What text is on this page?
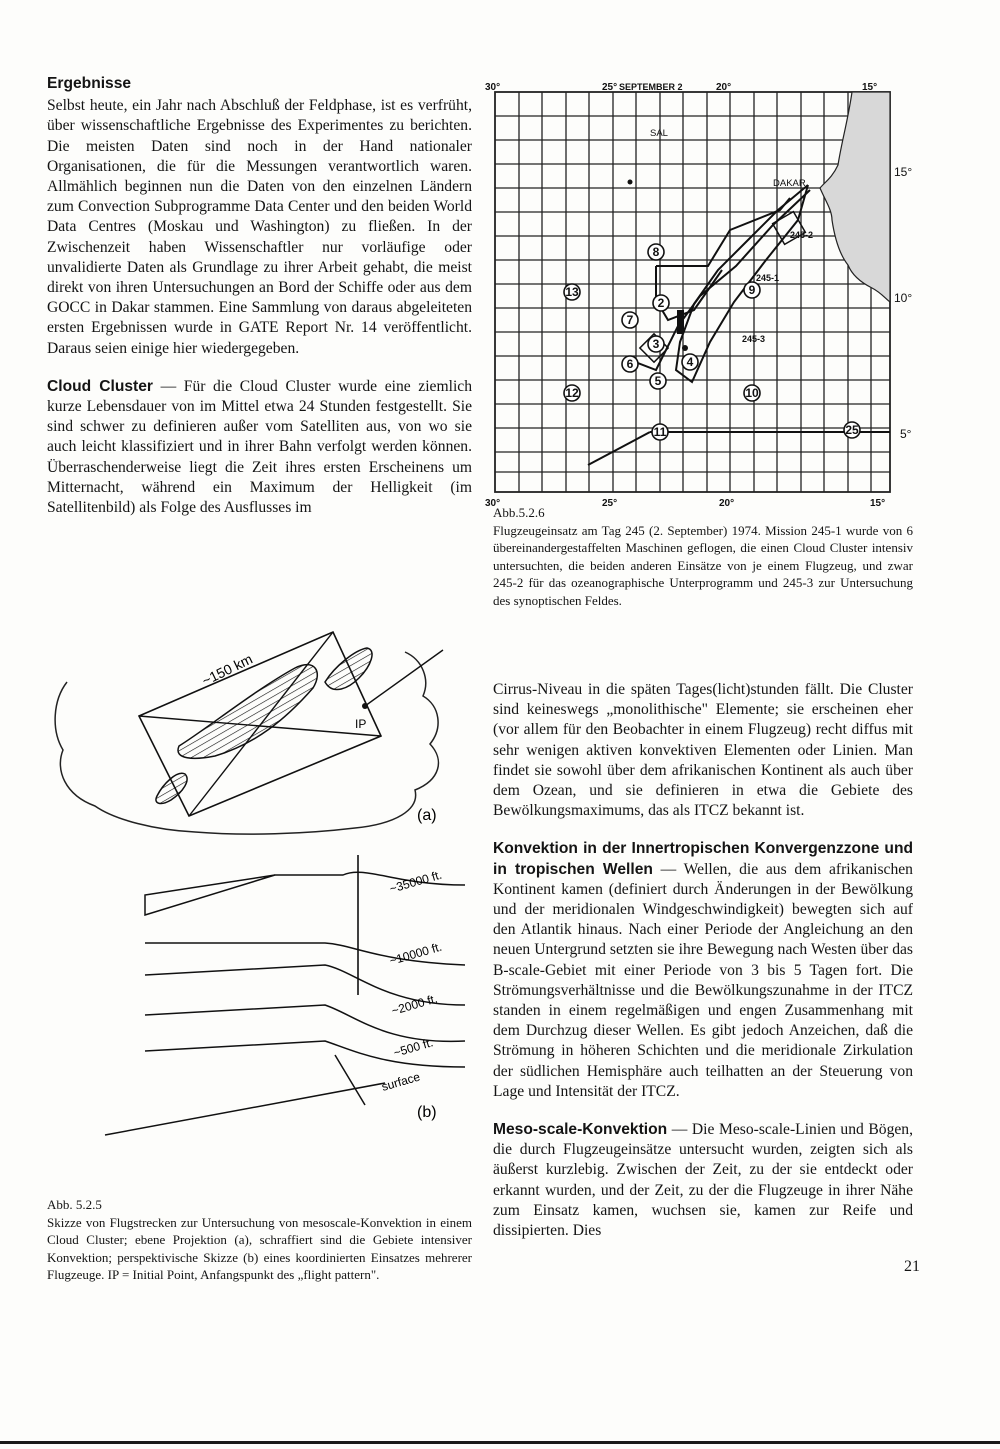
Ergebnisse

Selbst heute, ein Jahr nach Abschluß der Feldphase, ist es verfrüht, über wissenschaftliche Ergebnisse des Experimentes zu berichten. Die meisten Daten sind noch in der Hand nationaler Organisationen, die für die Messungen verantwortlich waren. Allmählich beginnen nun die Daten von den einzelnen Ländern zum Convection Subprogramme Data Center und den beiden World Data Centres (Moskau und Washington) zu fließen. In der Zwischenzeit haben Wissenschaftler nur vorläufige oder unvalidierte Daten als Grundlage zu ihrer Arbeit gehabt, die meist direkt von ihren Untersuchungen an Bord der Schiffe oder aus dem GOCC in Dakar stammen. Eine Sammlung von daraus abgeleiteten ersten Ergebnissen wurde in GATE Report Nr. 14 veröffentlicht. Daraus seien einige hier wiedergegeben.

Cloud Cluster — Für die Cloud Cluster wurde eine ziemlich kurze Lebensdauer von im Mittel etwa 24 Stunden festgestellt. Sie sind schwer zu definieren außer vom Satelliten aus, von wo sie auch leicht klassifiziert und in ihrer Bahn verfolgt werden können. Überraschenderweise liegt die Zeit ihres ersten Erscheinens um Mitternacht, während ein Maximum der Helligkeit (im Satellitenbild) als Folge des Ausflusses im

Cirrus-Niveau in die späten Tages(licht)stunden fällt. Die Cluster sind keineswegs „monolithische" Elemente; sie erscheinen eher (vor allem für den Beobachter in einem Flugzeug) recht diffus mit sehr wenigen aktiven konvektiven Elementen oder Linien. Man findet sie sowohl über dem afrikanischen Kontinent als auch über dem Ozean, und sie definieren in etwa die Gebiete des Bewölkungsmaximums, das als ITCZ bekannt ist.

Konvektion in der Innertropischen Konvergenzzone und in tropischen Wellen — Wellen, die aus dem afrikanischen Kontinent kamen (definiert durch Änderungen in der Bewölkung und der meridionalen Windgeschwindigkeit) bewegten sich auf den Atlantik hinaus. Nach einer Periode der Angleichung an den neuen Untergrund setzten sie ihre Bewegung nach Westen über das B-scale-Gebiet mit einer Periode von 3 bis 5 Tagen fort. Die Strömungsverhältnisse und die Bewölkungszunahme in der ITCZ standen in einem regelmäßigen und engen Zusammenhang mit dem Durchzug dieser Wellen. Es gibt jedoch Anzeichen, daß die Strömung in höheren Schichten und die meridionale Zirkulation der südlichen Hemisphäre auch teilhatten an der Steuerung von Lage und Intensität der ITCZ.

Meso-scale-Konvektion — Die Meso-scale-Linien und Bögen, die durch Flugzeugeinsätze untersucht wurden, zeigten sich als äußerst kurzlebig. Zwischen der Zeit, zu der sie entdeckt oder erkannt wurden, und der Zeit, zu der die Flugzeuge in ihrer Nähe zum Einsatz kamen, wuchsen sie, kamen zur Reife und dissipierten. Dies

13
12
8
7
2
9
3
6	4
5
10
11	25
30°	25° SEPTEMBER 2	20°	15°
30°	25°	20°	15°
15°
10°
5°
SAL
DAKAR
245-2
245-1
245-3
Abb.5.2.6

Flugzeugeinsatz am Tag 245 (2. September) 1974. Mission 245-1 wurde von 6 übereinandergestaffelten Maschinen geflogen, die einen Cloud Cluster intensiv untersuchten, die beiden anderen Einsätze von je einem Flugzeug, und zwar 245-2 für das ozeanographische Unterprogramm und 245-3 zur Untersuchung des synoptischen Feldes.

~150 km
IP
(a)
~35000 ft.
~10000 ft.
~2000 ft.
~500 ft.
surface
(b)
Abb. 5.2.5

Skizze von Flugstrecken zur Untersuchung von mesoscale-Konvektion in einem Cloud Cluster; ebene Projektion (a), schraffiert sind die Gebiete intensiver Konvektion; perspektivische Skizze (b) eines koordinierten Einsatzes mehrerer Flugzeuge. IP = Initial Point, Anfangspunkt des „flight pattern".	21
